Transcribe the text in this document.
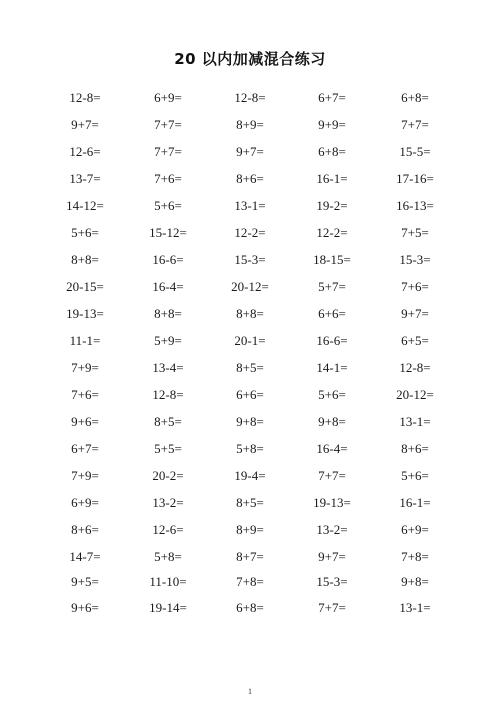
20 以内加减混合练习
12-8=	6+9=	12-8=	6+7=	6+8=
9+7=	7+7=	8+9=	9+9=	7+7=
12-6=	7+7=	9+7=	6+8=	15-5=
13-7=	7+6=	8+6=	16-1=	17-16=
14-12=	5+6=	13-1=	19-2=	16-13=
5+6=	15-12=	12-2=	12-2=	7+5=
8+8=	16-6=	15-3=	18-15=	15-3=
20-15=	16-4=	20-12=	5+7=	7+6=
19-13=	8+8=	8+8=	6+6=	9+7=
11-1=	5+9=	20-1=	16-6=	6+5=
7+9=	13-4=	8+5=	14-1=	12-8=
7+6=	12-8=	6+6=	5+6=	20-12=
9+6=	8+5=	9+8=	9+8=	13-1=
6+7=	5+5=	5+8=	16-4=	8+6=
7+9=	20-2=	19-4=	7+7=	5+6=
6+9=	13-2=	8+5=	19-13=	16-1=
8+6=	12-6=	8+9=	13-2=	6+9=
14-7=	5+8=	8+7=	9+7=	7+8=
9+5=	11-10=	7+8=	15-3=	9+8=
9+6=	19-14=	6+8=	7+7=	13-1=
1
